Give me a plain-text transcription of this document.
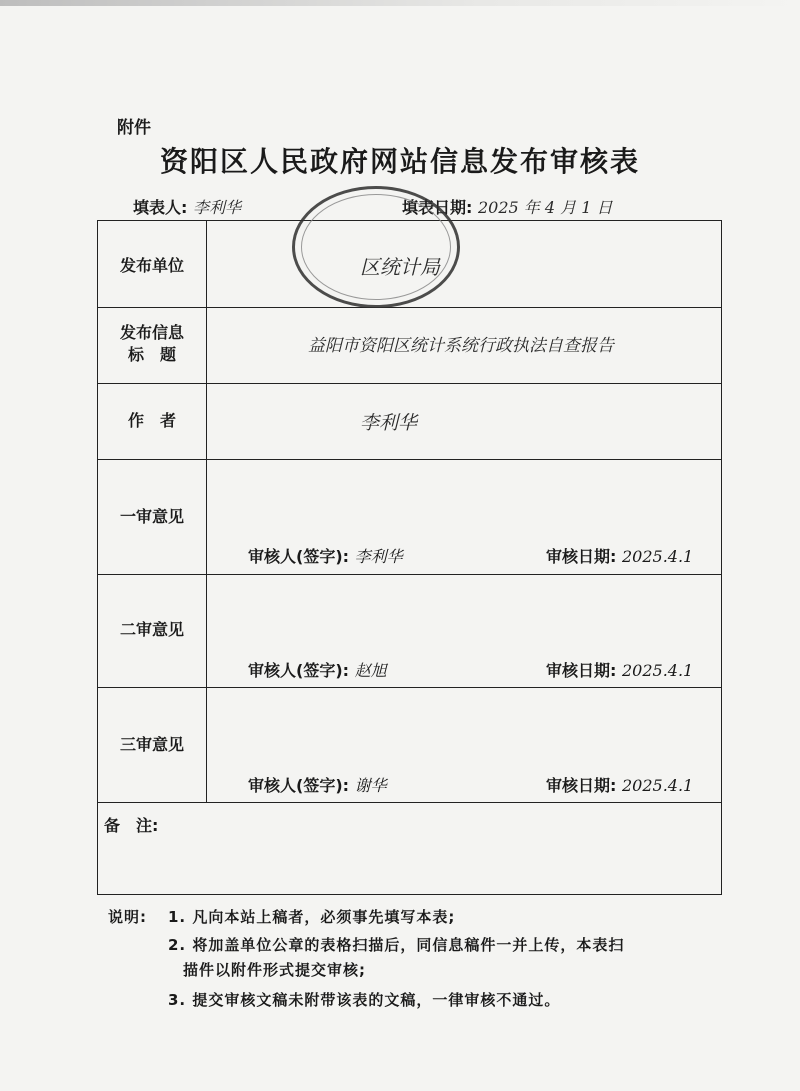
附件
资阳区人民政府网站信息发布审核表
填表人: 李利华	填表日期: 2025 年 4 月 1 日
发布单位	区统计局
发布信息
标　题	益阳市资阳区统计系统行政执法自查报告
作　者	李利华
一审意见
审核人(签字): 李利华	审核日期: 2025.4.1
二审意见
审核人(签字): 赵旭	审核日期: 2025.4.1
三审意见
审核人(签字): 谢华	审核日期: 2025.4.1
备　注:
说明: 1. 凡向本站上稿者，必须事先填写本表;
2. 将加盖单位公章的表格扫描后，同信息稿件一并上传，本表扫
描件以附件形式提交审核;
3. 提交审核文稿未附带该表的文稿，一律审核不通过。
